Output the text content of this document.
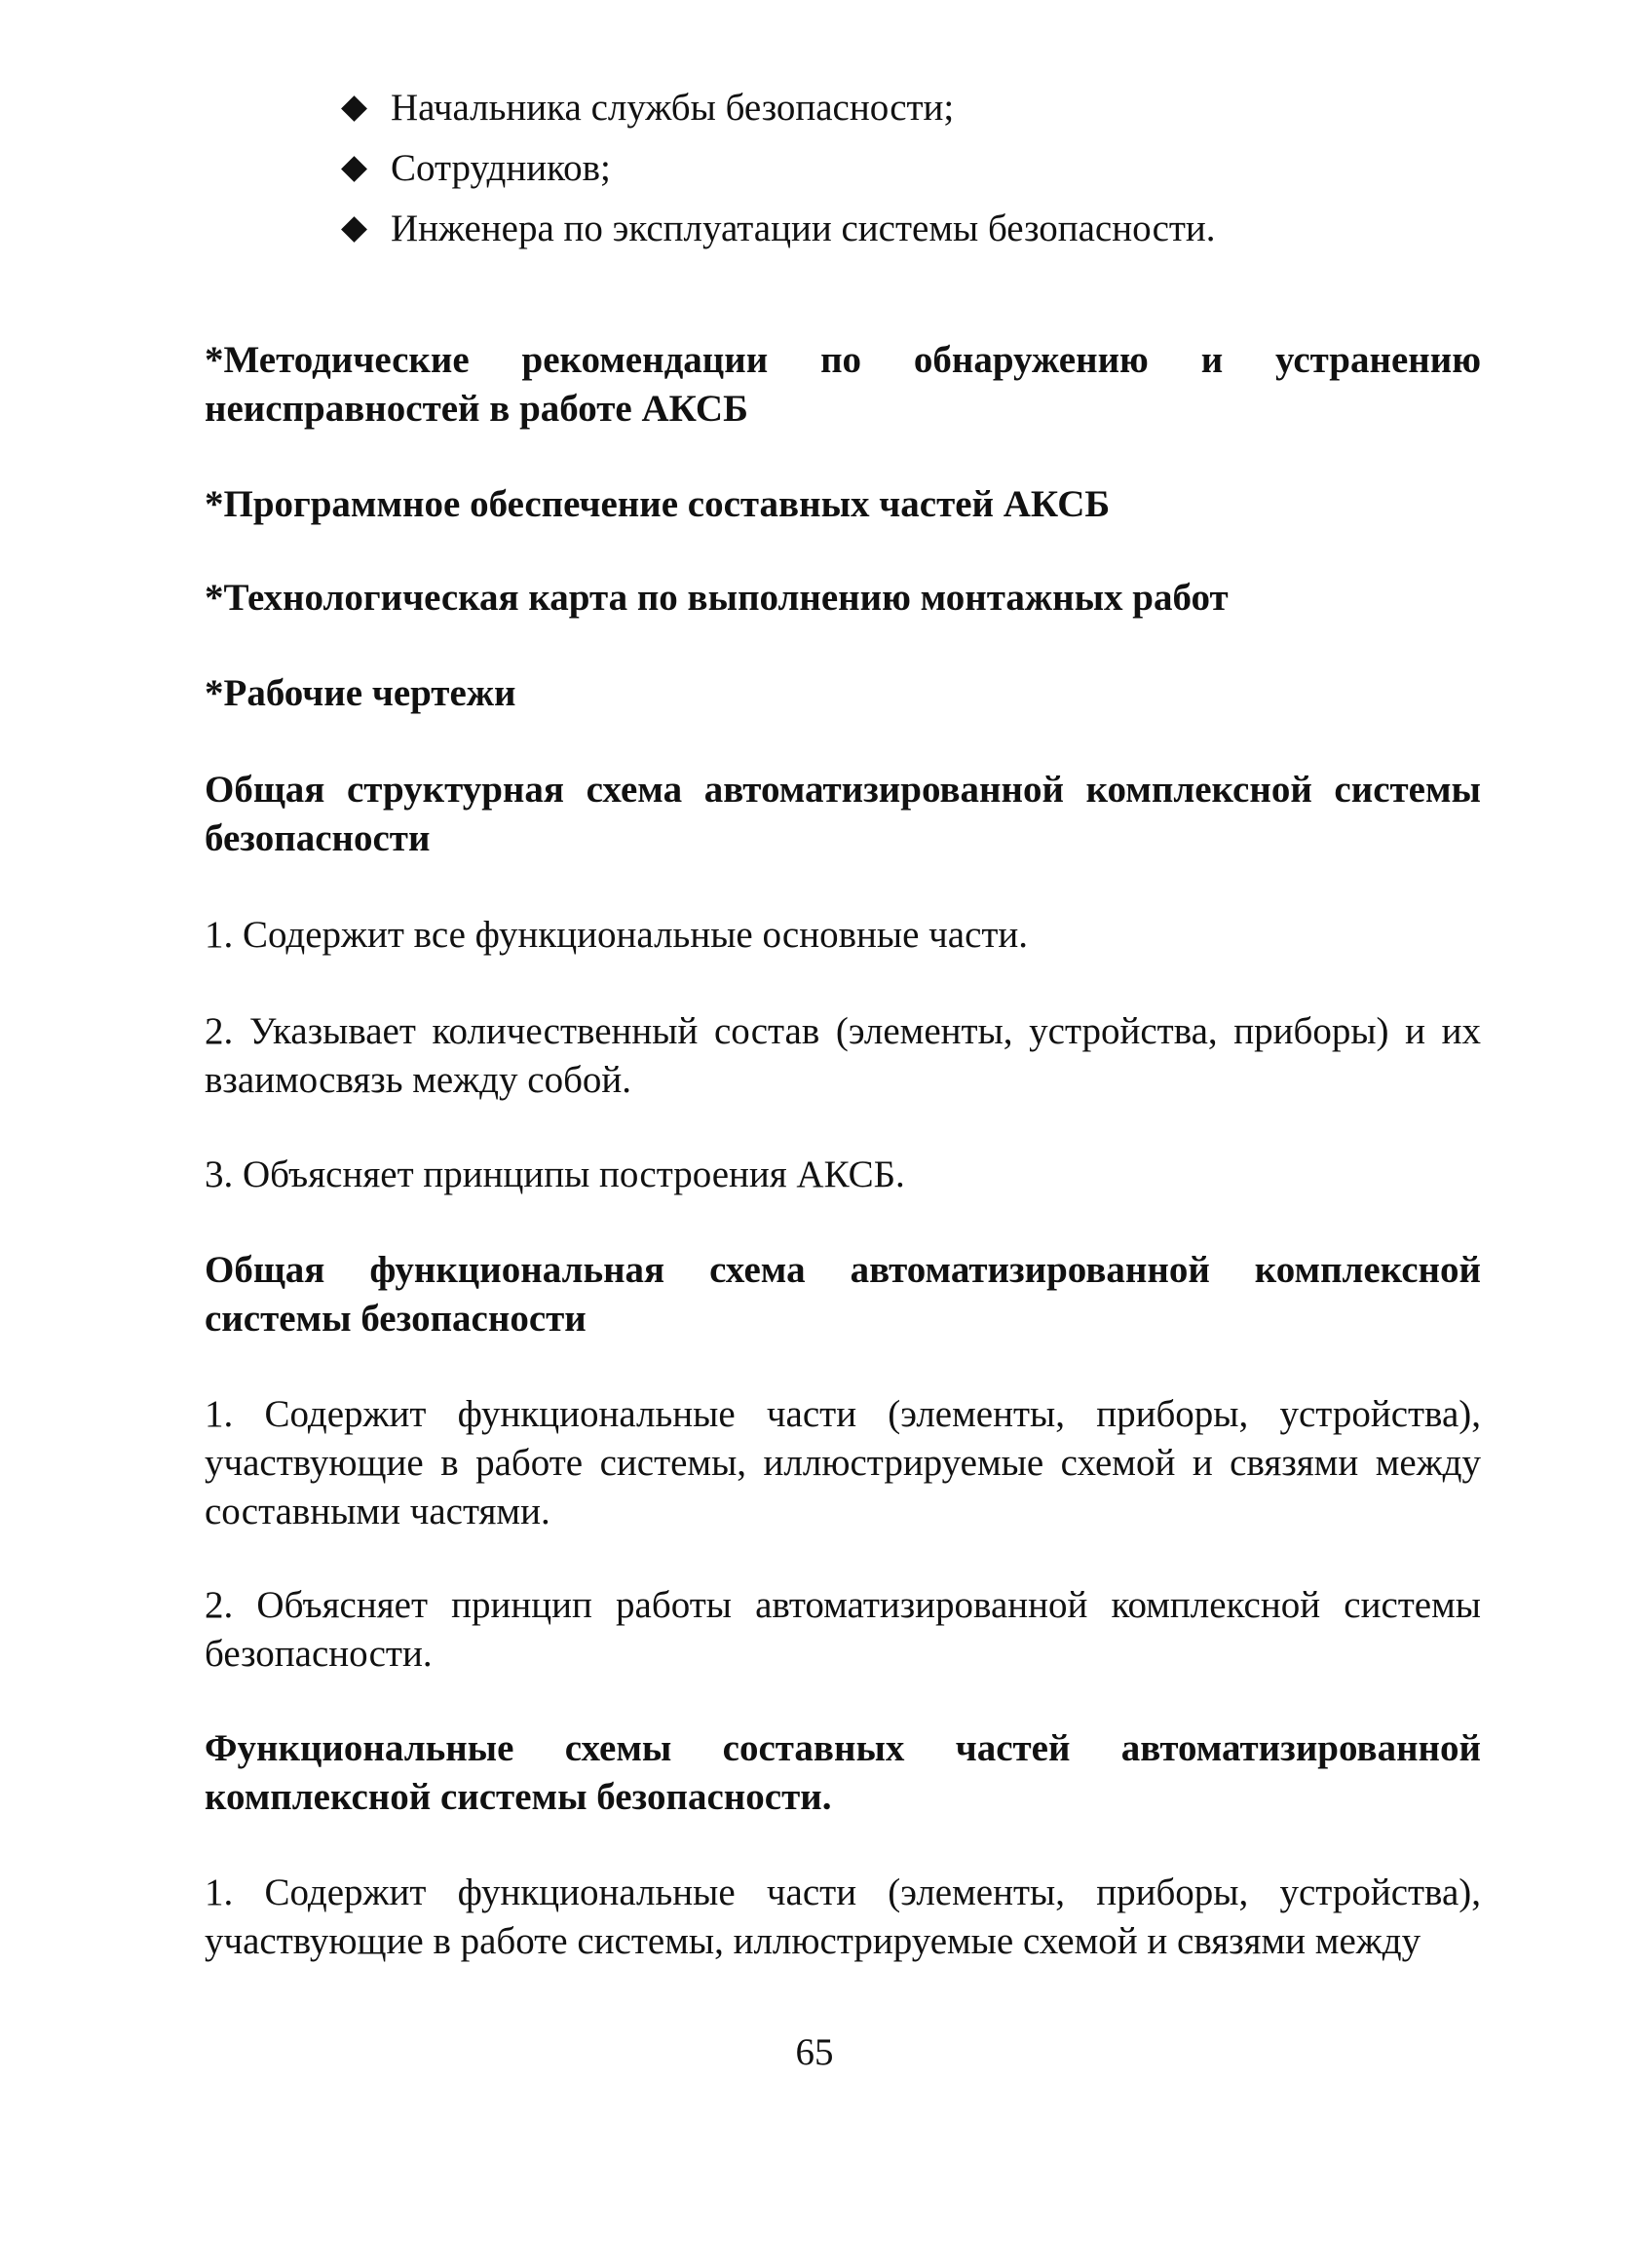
Начальника службы безопасности;
Сотрудников;
Инженера по эксплуатации системы безопасности.

*Методические рекомендации по обнаружению и устранению неисправностей в работе АКСБ

*Программное обеспечение составных частей АКСБ

*Технологическая карта по выполнению монтажных работ

*Рабочие чертежи

Общая структурная схема автоматизированной комплексной системы безопасности

1. Содержит все функциональные основные части.

2. Указывает количественный состав (элементы, устройства, приборы) и их взаимосвязь между собой.

3. Объясняет принципы построения АКСБ.

Общая функциональная схема автоматизированной комплексной системы безопасности

1. Содержит функциональные части (элементы, приборы, устройства), участвующие в работе системы, иллюстрируемые схемой и связями между составными частями.

2. Объясняет принцип работы автоматизированной комплексной системы безопасности.

Функциональные схемы составных частей автоматизированной комплексной системы безопасности.

1. Содержит функциональные части (элементы, приборы, устройства), участвующие в работе системы, иллюстрируемые схемой и связями между

65
